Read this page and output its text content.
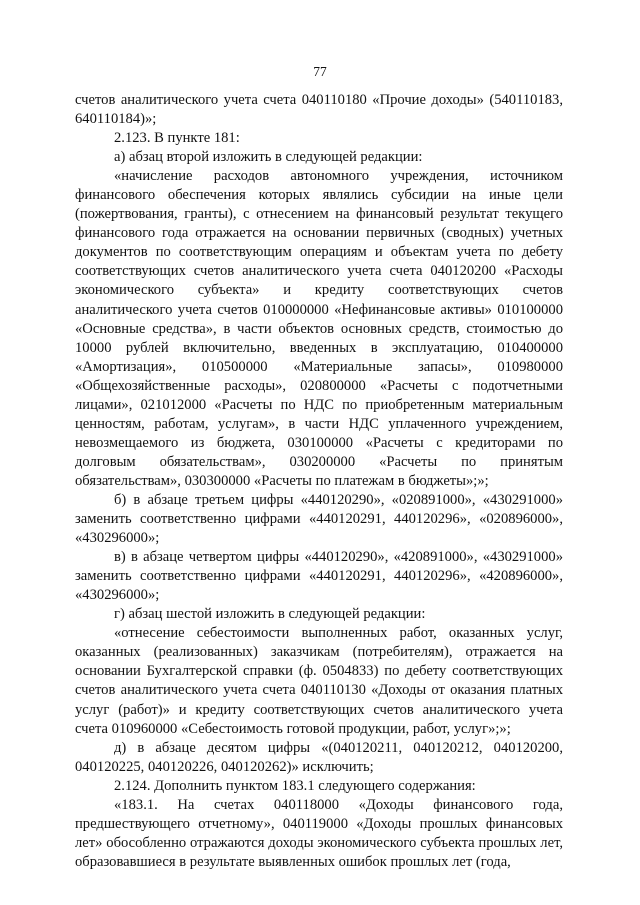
77

счетов аналитического учета счета 040110180 «Прочие доходы» (540110183, 640110184)»;

2.123. В пункте 181:

а) абзац второй изложить в следующей редакции:

«начисление расходов автономного учреждения, источником финансового обеспечения которых являлись субсидии на иные цели (пожертвования, гранты), с отнесением на финансовый результат текущего финансового года отражается на основании первичных (сводных) учетных документов по соответствующим операциям и объектам учета по дебету соответствующих счетов аналитического учета счета 040120200 «Расходы экономического субъекта» и кредиту соответствующих счетов аналитического учета счетов 010000000 «Нефинансовые активы» 010100000 «Основные средства», в части объектов основных средств, стоимостью до 10000 рублей включительно, введенных в эксплуатацию, 010400000 «Амортизация», 010500000 «Материальные запасы», 010980000 «Общехозяйственные расходы», 020800000 «Расчеты с подотчетными лицами», 021012000 «Расчеты по НДС по приобретенным материальным ценностям, работам, услугам», в части НДС уплаченного учреждением, невозмещаемого из бюджета, 030100000 «Расчеты с кредиторами по долговым обязательствам», 030200000 «Расчеты по принятым обязательствам», 030300000 «Расчеты по платежам в бюджеты»;»;

б) в абзаце третьем цифры «440120290», «020891000», «430291000» заменить соответственно цифрами «440120291, 440120296», «020896000», «430296000»;

в) в абзаце четвертом цифры «440120290», «420891000», «430291000» заменить соответственно цифрами «440120291, 440120296», «420896000», «430296000»;

г) абзац шестой изложить в следующей редакции:

«отнесение себестоимости выполненных работ, оказанных услуг, оказанных (реализованных) заказчикам (потребителям), отражается на основании Бухгалтерской справки (ф. 0504833) по дебету соответствующих счетов аналитического учета счета 040110130 «Доходы от оказания платных услуг (работ)» и кредиту соответствующих счетов аналитического учета счета 010960000 «Себестоимость готовой продукции, работ, услуг»;»;

д) в абзаце десятом цифры «(040120211, 040120212, 040120200, 040120225, 040120226, 040120262)» исключить;

2.124. Дополнить пунктом 183.1 следующего содержания:

«183.1. На счетах 040118000 «Доходы финансового года, предшествующего отчетному», 040119000 «Доходы прошлых финансовых лет» обособленно отражаются доходы экономического субъекта прошлых лет, образовавшиеся в результате выявленных ошибок прошлых лет (года,
